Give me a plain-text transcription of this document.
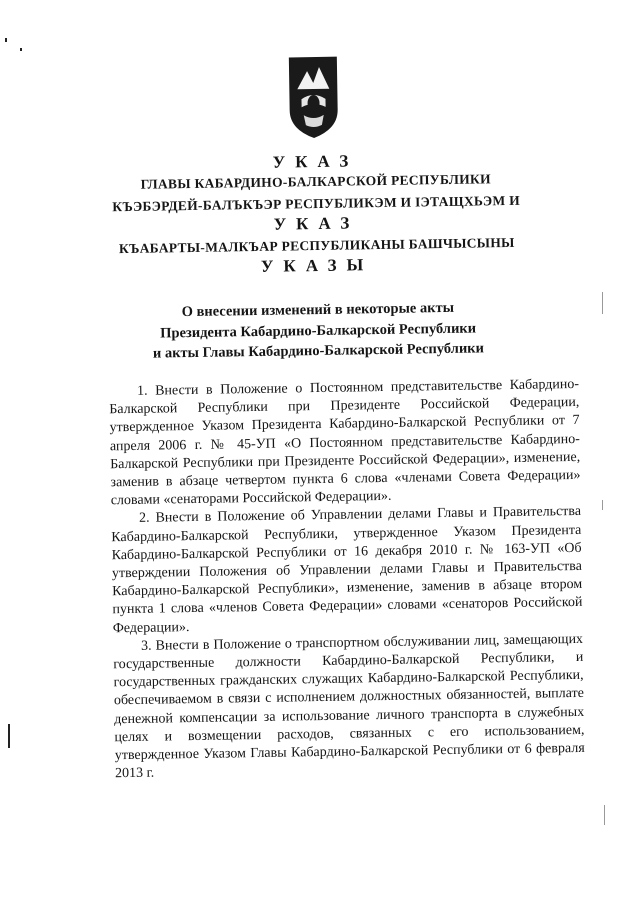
УКАЗ
ГЛАВЫ КАБАРДИНО-БАЛКАРСКОЙ РЕСПУБЛИКИ
КЪЭБЭРДЕЙ-БАЛЪКЪЭР РЕСПУБЛИКЭМ И IЭТАЩХЬЭМ И
УКАЗ
КЪАБАРТЫ-МАЛКЪАР РЕСПУБЛИКАНЫ БАШЧЫСЫНЫ
УКАЗЫ
О внесении изменений в некоторые акты
Президента Кабардино-Балкарской Республики
и акты Главы Кабардино-Балкарской Республики

1. Внести в Положение о Постоянном представительстве Кабардино-Балкарской Республики при Президенте Российской Федерации, утвержденное Указом Президента Кабардино-Балкарской Республики от 7 апреля 2006 г. № 45-УП «О Постоянном представительстве Кабардино-Балкарской Республики при Президенте Российской Федерации», изменение, заменив в абзаце четвертом пункта 6 слова «членами Совета Федерации» словами «сенаторами Российской Федерации».

2. Внести в Положение об Управлении делами Главы и Правительства Кабардино-Балкарской Республики, утвержденное Указом Президента Кабардино-Балкарской Республики от 16 декабря 2010 г. № 163-УП «Об утверждении Положения об Управлении делами Главы и Правительства Кабардино-Балкарской Республики», изменение, заменив в абзаце втором пункта 1 слова «членов Совета Федерации» словами «сенаторов Российской Федерации».

3. Внести в Положение о транспортном обслуживании лиц, замещающих государственные должности Кабардино-Балкарской Республики, и государственных гражданских служащих Кабардино-Балкарской Республики, обеспечиваемом в связи с исполнением должностных обязанностей, выплате денежной компенсации за использование личного транспорта в служебных целях и возмещении расходов, связанных с его использованием, утвержденное Указом Главы Кабардино-Балкарской Республики от 6 февраля 2013 г.
